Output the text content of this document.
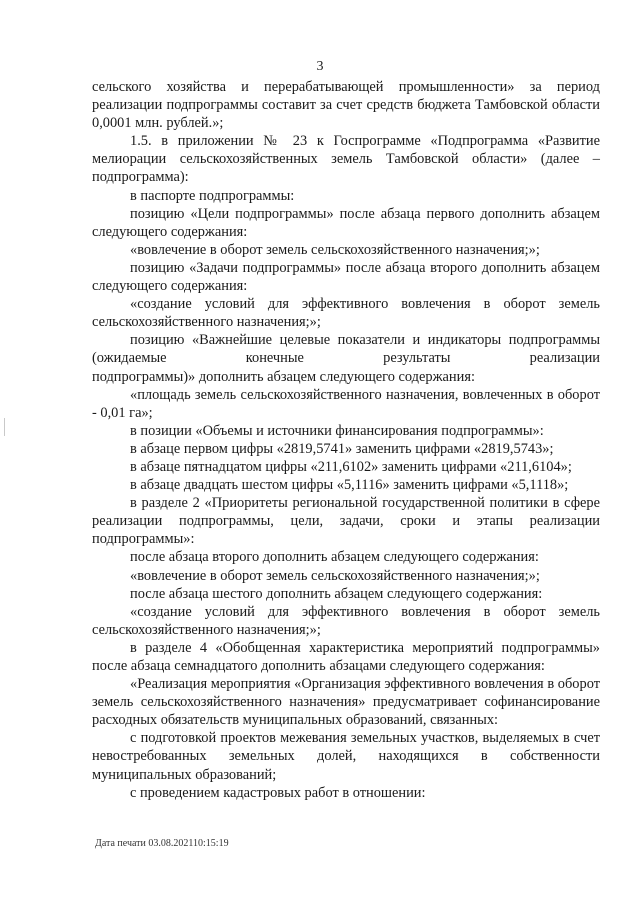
3

сельского хозяйства и перерабатывающей промышленности» за период реализации подпрограммы составит за счет средств бюджета Тамбовской области 0,0001 млн. рублей.»;

1.5. в приложении № 23 к Госпрограмме «Подпрограмма «Развитие мелиорации сельскохозяйственных земель Тамбовской области» (далее – подпрограмма):

в паспорте подпрограммы:

позицию «Цели подпрограммы» после абзаца первого дополнить абзацем следующего содержания:

«вовлечение в оборот земель сельскохозяйственного назначения;»;

позицию «Задачи подпрограммы» после абзаца второго дополнить абзацем следующего содержания:

«создание условий для эффективного вовлечения в оборот земель сельскохозяйственного назначения;»;

позицию «Важнейшие целевые показатели и индикаторы подпрограммы (ожидаемые конечные результаты реализации

подпрограммы)» дополнить абзацем следующего содержания:

«площадь земель сельскохозяйственного назначения, вовлеченных в оборот - 0,01 га»;

в позиции «Объемы и источники финансирования подпрограммы»:

в абзаце первом цифры «2819,5741» заменить цифрами «2819,5743»;

в абзаце пятнадцатом цифры «211,6102» заменить цифрами «211,6104»;

в абзаце двадцать шестом цифры «5,1116» заменить цифрами «5,1118»;

в разделе 2 «Приоритеты региональной государственной политики в сфере реализации подпрограммы, цели, задачи, сроки и этапы реализации подпрограммы»:

после абзаца второго дополнить абзацем следующего содержания:

«вовлечение в оборот земель сельскохозяйственного назначения;»;

после абзаца шестого дополнить абзацем следующего содержания:

«создание условий для эффективного вовлечения в оборот земель сельскохозяйственного назначения;»;

в разделе 4 «Обобщенная характеристика мероприятий подпрограммы» после абзаца семнадцатого дополнить абзацами следующего содержания:

«Реализация мероприятия «Организация эффективного вовлечения в оборот земель сельскохозяйственного назначения» предусматривает софинансирование расходных обязательств муниципальных образований, связанных:

с подготовкой проектов межевания земельных участков, выделяемых в счет невостребованных земельных долей, находящихся в собственности муниципальных образований;

с проведением кадастровых работ в отношении:

Дата печати 03.08.202110:15:19
